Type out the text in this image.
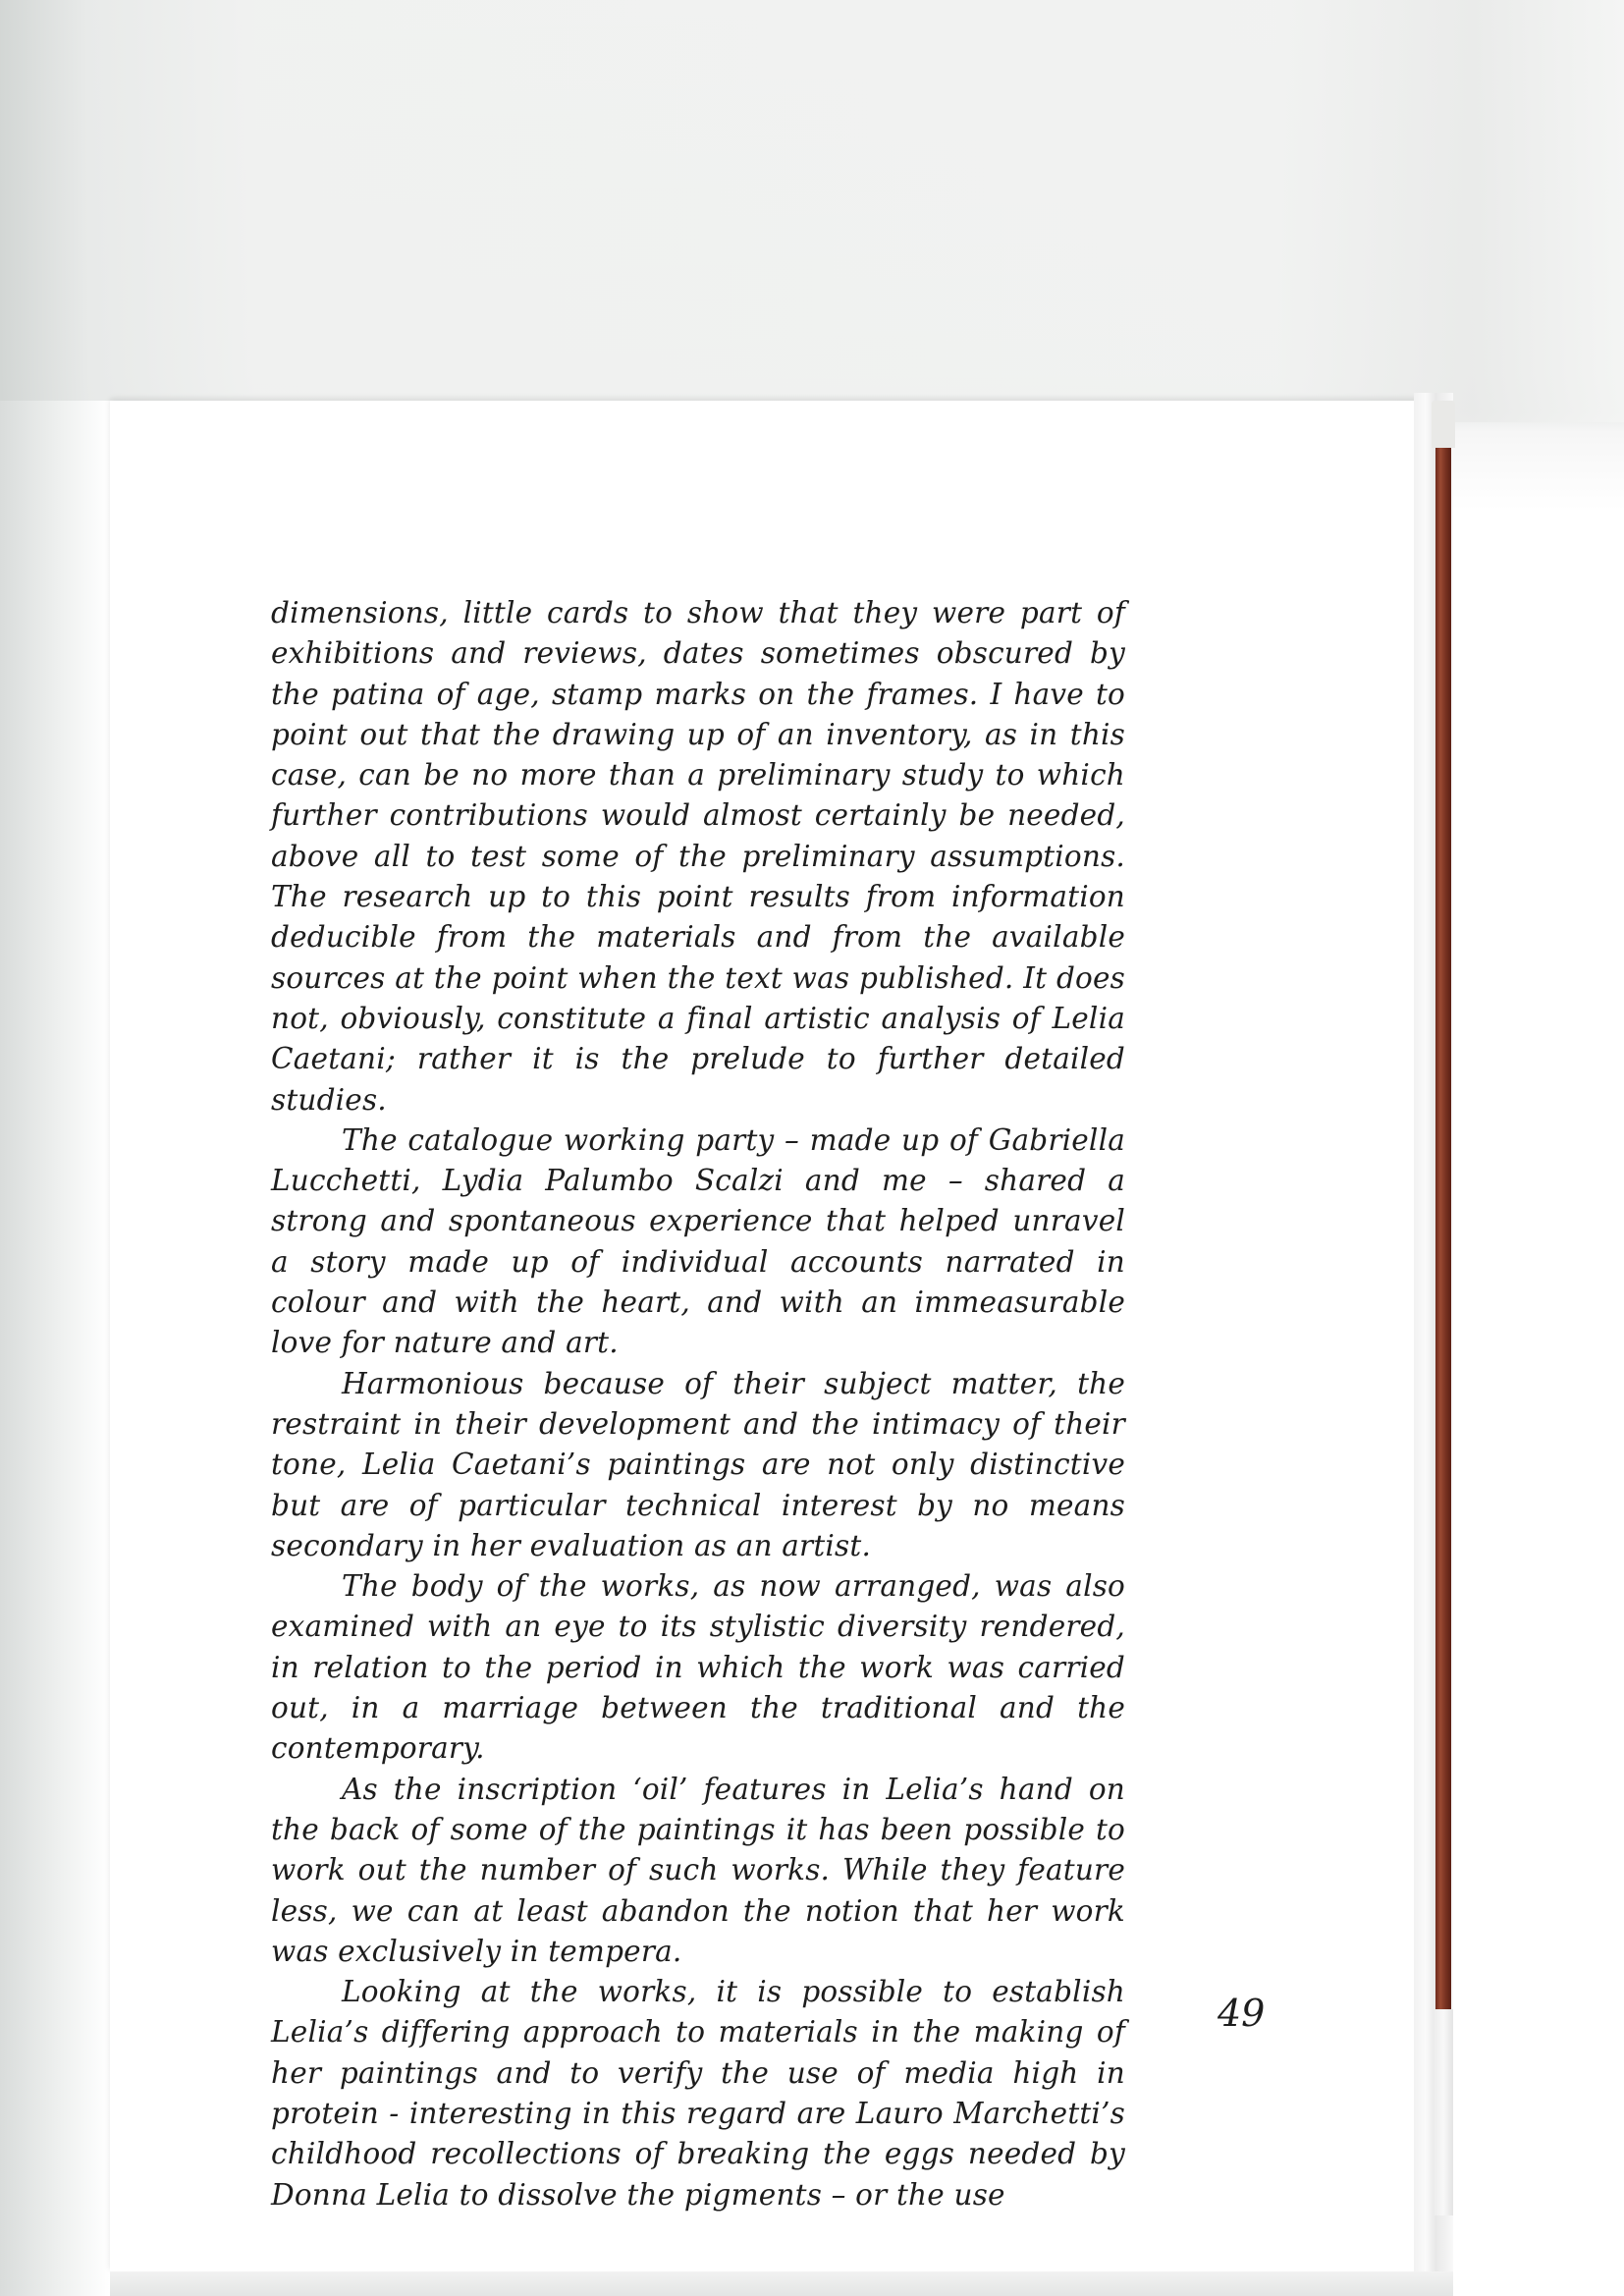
dimensions, little cards to show that they were part of exhibitions and reviews, dates sometimes obscured by the patina of age, stamp marks on the frames. I have to point out that the drawing up of an inventory, as in this case, can be no more than a preliminary study to which further contributions would almost certainly be needed, above all to test some of the preliminary assumptions. The research up to this point results from information deducible from the materials and from the available sources at the point when the text was published. It does not, obviously, constitute a final artistic analysis of Lelia Caetani; rather it is the prelude to further detailed studies.

The catalogue working party – made up of Gabriella Lucchetti, Lydia Palumbo Scalzi and me – shared a strong and spontaneous experience that helped unravel a story made up of individual accounts narrated in colour and with the heart, and with an immeasurable love for nature and art.

Harmonious because of their subject matter, the restraint in their development and the intimacy of their tone, Lelia Caetani’s paintings are not only distinctive but are of particular technical interest by no means secondary in her evaluation as an artist.

The body of the works, as now arranged, was also examined with an eye to its stylistic diversity rendered, in relation to the period in which the work was carried out, in a marriage between the traditional and the contemporary.

As the inscription ‘oil’ features in Lelia’s hand on the back of some of the paintings it has been possible to work out the number of such works. While they feature less, we can at least abandon the notion that her work was exclusively in tempera.

Looking at the works, it is possible to establish Lelia’s differing approach to materials in the making of her paintings and to verify the use of media high in protein - interesting in this regard are Lauro Marchetti’s childhood recollections of breaking the eggs needed by Donna Lelia to dissolve the pigments – or the use

49
